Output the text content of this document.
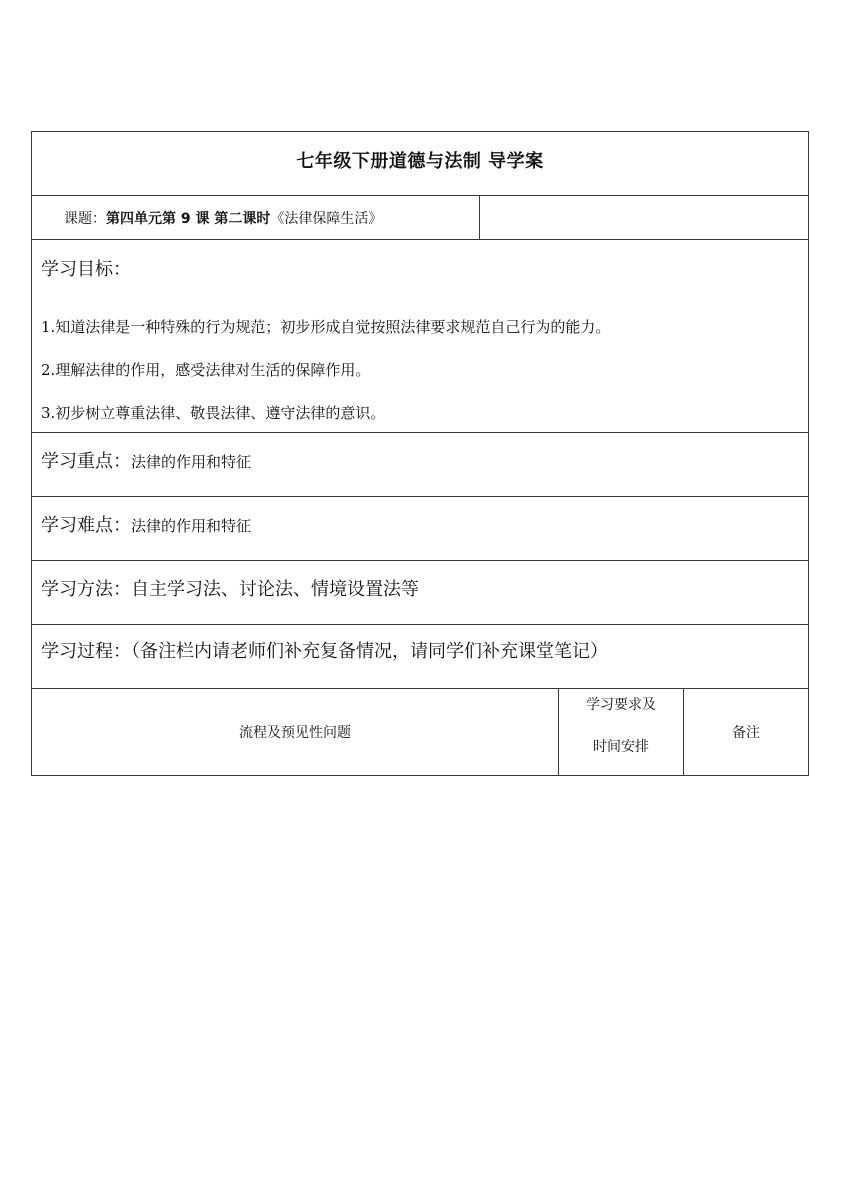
七年级下册道德与法制 导学案
课题： 第四单元第 9 课 第二课时 《法律保障生活》
学习目标：
1.知道法律是一种特殊的行为规范；初步形成自觉按照法律要求规范自己行为的能力。
2.理解法律的作用，感受法律对生活的保障作用。
3.初步树立尊重法律、敬畏法律、遵守法律的意识。
学习重点： 法律的作用和特征
学习难点： 法律的作用和特征
学习方法： 自主学习法、讨论法、情境设置法等
学习过程：（备注栏内请老师们补充复备情况，请同学们补充课堂笔记）
流程及预见性问题
学习要求及
时间安排
备注
